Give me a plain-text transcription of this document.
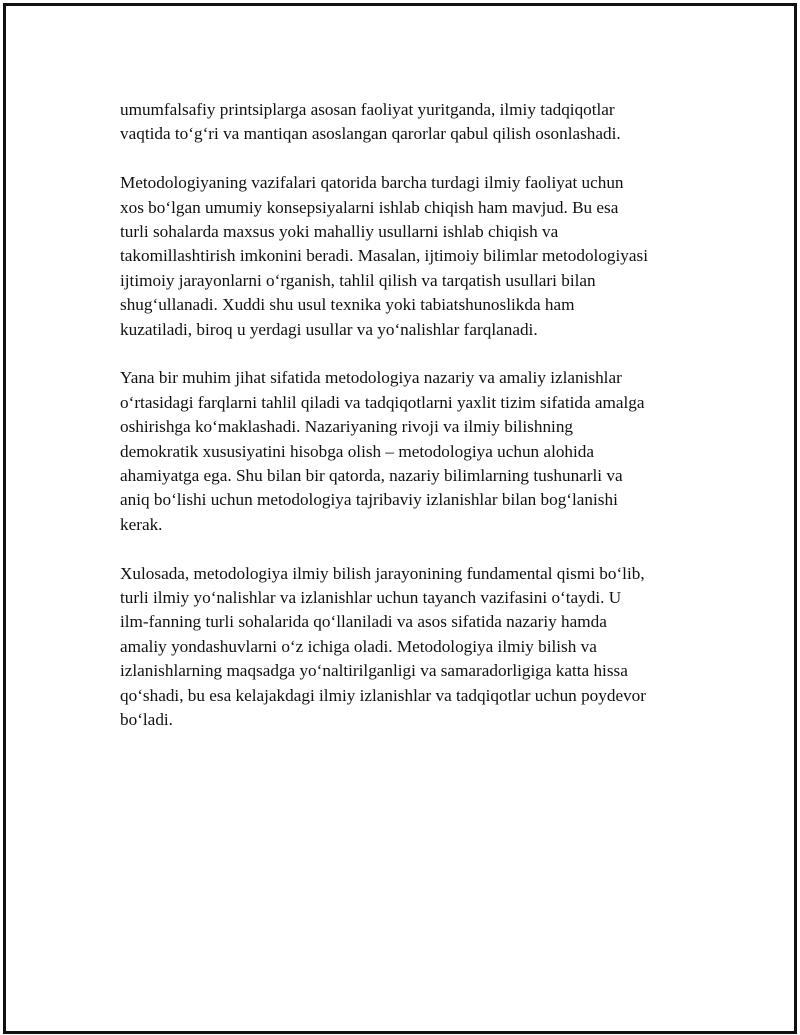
umumfalsafiy printsiplarga asosan faoliyat yuritganda, ilmiy tadqiqotlar
vaqtida to‘g‘ri va mantiqan asoslangan qarorlar qabul qilish osonlashadi.

Metodologiyaning vazifalari qatorida barcha turdagi ilmiy faoliyat uchun
xos bo‘lgan umumiy konsepsiyalarni ishlab chiqish ham mavjud. Bu esa
turli sohalarda maxsus yoki mahalliy usullarni ishlab chiqish va
takomillashtirish imkonini beradi. Masalan, ijtimoiy bilimlar metodologiyasi
ijtimoiy jarayonlarni o‘rganish, tahlil qilish va tarqatish usullari bilan
shug‘ullanadi. Xuddi shu usul texnika yoki tabiatshunoslikda ham
kuzatiladi, biroq u yerdagi usullar va yo‘nalishlar farqlanadi.

Yana bir muhim jihat sifatida metodologiya nazariy va amaliy izlanishlar
o‘rtasidagi farqlarni tahlil qiladi va tadqiqotlarni yaxlit tizim sifatida amalga
oshirishga ko‘maklashadi. Nazariyaning rivoji va ilmiy bilishning
demokratik xususiyatini hisobga olish – metodologiya uchun alohida
ahamiyatga ega. Shu bilan bir qatorda, nazariy bilimlarning tushunarli va
aniq bo‘lishi uchun metodologiya tajribaviy izlanishlar bilan bog‘lanishi
kerak.

Xulosada, metodologiya ilmiy bilish jarayonining fundamental qismi bo‘lib,
turli ilmiy yo‘nalishlar va izlanishlar uchun tayanch vazifasini o‘taydi. U
ilm-fanning turli sohalarida qo‘llaniladi va asos sifatida nazariy hamda
amaliy yondashuvlarni o‘z ichiga oladi. Metodologiya ilmiy bilish va
izlanishlarning maqsadga yo‘naltirilganligi va samaradorligiga katta hissa
qo‘shadi, bu esa kelajakdagi ilmiy izlanishlar va tadqiqotlar uchun poydevor
bo‘ladi.
